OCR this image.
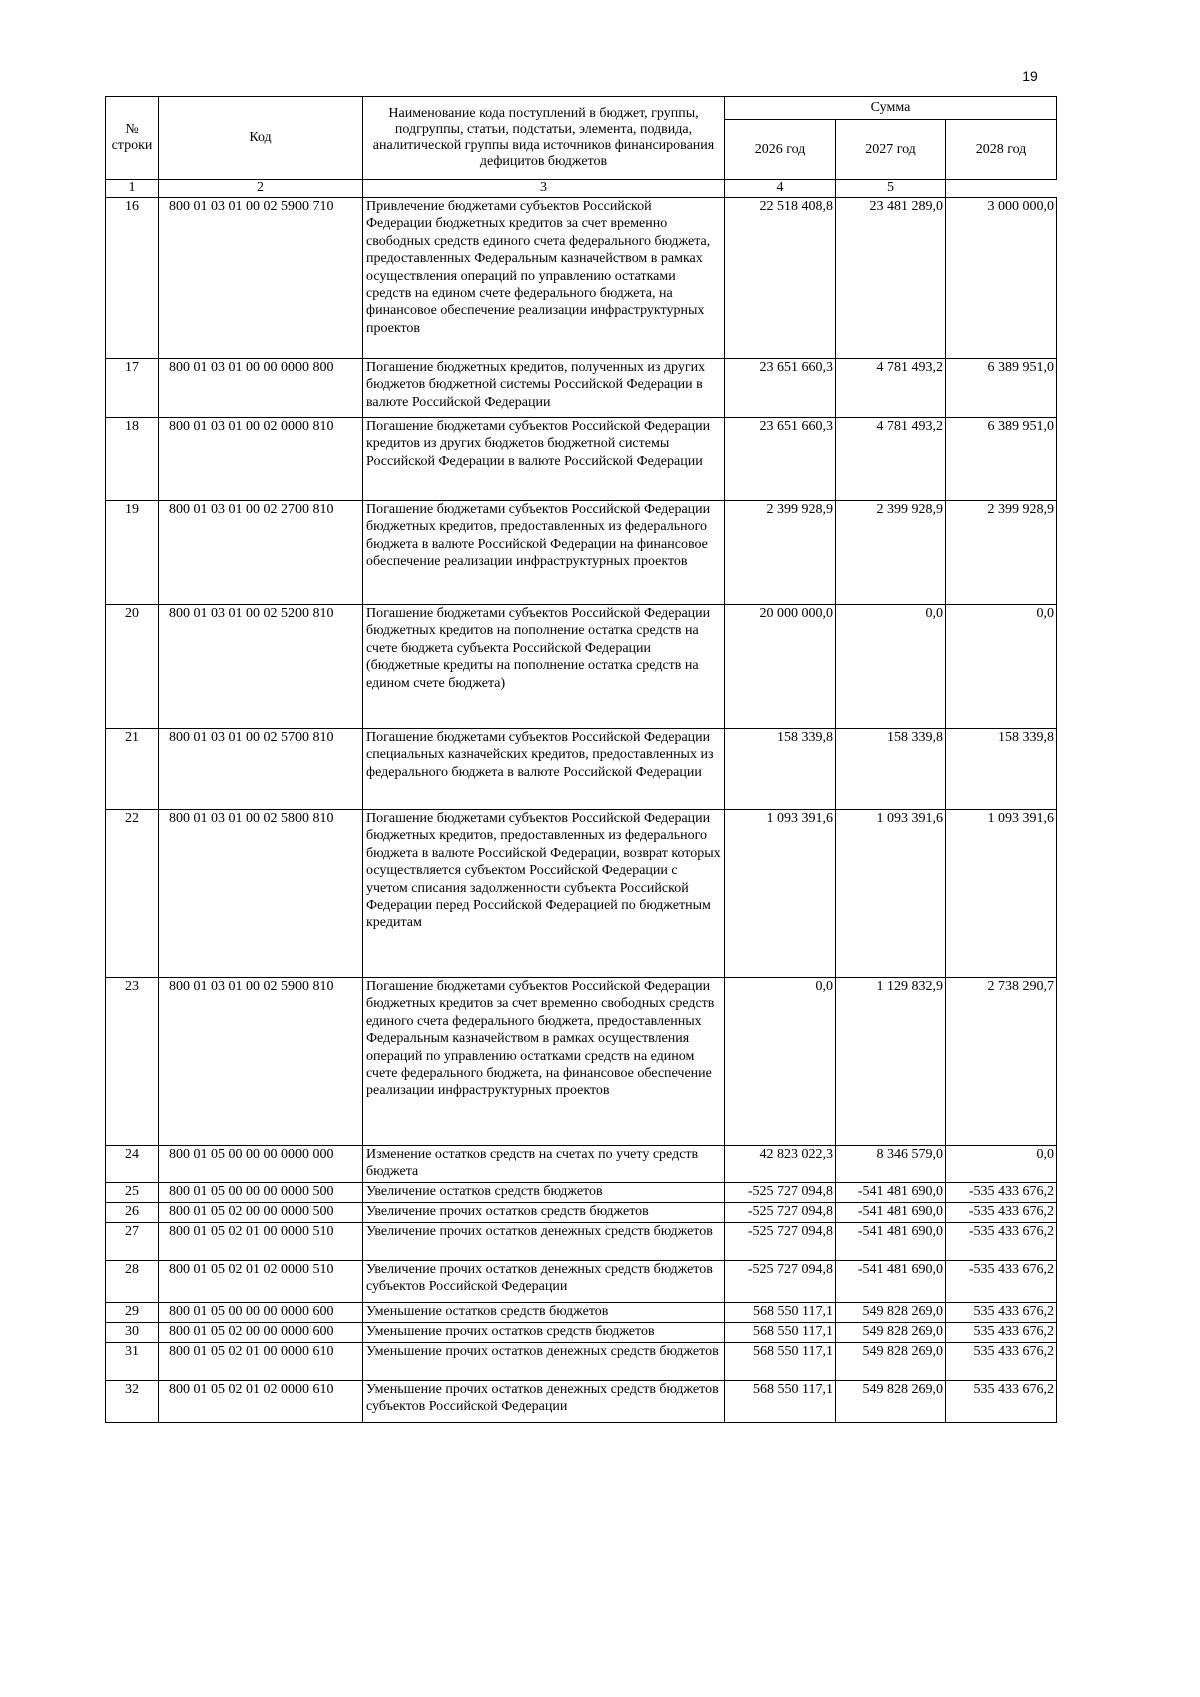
19
№ строки	Код	Наименование кода поступлений в бюджет, группы, подгруппы, статьи, подстатьи, элемента, подвида, аналитической группы вида источников финансирования дефицитов бюджетов	Сумма		
			2026 год	2027 год	2028 год
1	2	3	4	5	
16	800 01 03 01 00 02 5900 710	Привлечение бюджетами субъектов Российской Федерации бюджетных кредитов за счет временно свободных средств единого счета федерального бюджета, предоставленных Федеральным казначейством в рамках осуществления операций по управлению остатками средств на едином счете федерального бюджета, на финансовое обеспечение реализации инфраструктурных проектов	22 518 408,8	23 481 289,0	3 000 000,0
17	800 01 03 01 00 00 0000 800	Погашение бюджетных кредитов, полученных из других бюджетов бюджетной системы Российской Федерации в валюте Российской Федерации	23 651 660,3	4 781 493,2	6 389 951,0
18	800 01 03 01 00 02 0000 810	Погашение бюджетами субъектов Российской Федерации кредитов из других бюджетов бюджетной системы Российской Федерации в валюте Российской Федерации	23 651 660,3	4 781 493,2	6 389 951,0
19	800 01 03 01 00 02 2700 810	Погашение бюджетами субъектов Российской Федерации бюджетных кредитов, предоставленных из федерального бюджета в валюте Российской Федерации на финансовое обеспечение реализации инфраструктурных проектов	2 399 928,9	2 399 928,9	2 399 928,9
20	800 01 03 01 00 02 5200 810	Погашение бюджетами субъектов Российской Федерации бюджетных кредитов на пополнение остатка средств на счете бюджета субъекта Российской Федерации (бюджетные кредиты на пополнение остатка средств на едином счете бюджета)	20 000 000,0	0,0	0,0
21	800 01 03 01 00 02 5700 810	Погашение бюджетами субъектов Российской Федерации специальных казначейских кредитов, предоставленных из федерального бюджета в валюте Российской Федерации	158 339,8	158 339,8	158 339,8
22	800 01 03 01 00 02 5800 810	Погашение бюджетами субъектов Российской Федерации бюджетных кредитов, предоставленных из федерального бюджета в валюте Российской Федерации, возврат которых осуществляется субъектом Российской Федерации с учетом списания задолженности субъекта Российской Федерации перед Российской Федерацией по бюджетным кредитам	1 093 391,6	1 093 391,6	1 093 391,6
23	800 01 03 01 00 02 5900 810	Погашение бюджетами субъектов Российской Федерации бюджетных кредитов за счет временно свободных средств единого счета федерального бюджета, предоставленных Федеральным казначейством в рамках осуществления операций по управлению остатками средств на едином счете федерального бюджета, на финансовое обеспечение реализации инфраструктурных проектов	0,0	1 129 832,9	2 738 290,7
24	800 01 05 00 00 00 0000 000	Изменение остатков средств на счетах по учету средств бюджета	42 823 022,3	8 346 579,0	0,0
25	800 01 05 00 00 00 0000 500	Увеличение остатков средств бюджетов	-525 727 094,8	-541 481 690,0	-535 433 676,2
26	800 01 05 02 00 00 0000 500	Увеличение прочих остатков средств бюджетов	-525 727 094,8	-541 481 690,0	-535 433 676,2
27	800 01 05 02 01 00 0000 510	Увеличение прочих остатков денежных средств бюджетов	-525 727 094,8	-541 481 690,0	-535 433 676,2
28	800 01 05 02 01 02 0000 510	Увеличение прочих остатков денежных средств бюджетов субъектов Российской Федерации	-525 727 094,8	-541 481 690,0	-535 433 676,2
29	800 01 05 00 00 00 0000 600	Уменьшение остатков средств бюджетов	568 550 117,1	549 828 269,0	535 433 676,2
30	800 01 05 02 00 00 0000 600	Уменьшение прочих остатков средств бюджетов	568 550 117,1	549 828 269,0	535 433 676,2
31	800 01 05 02 01 00 0000 610	Уменьшение прочих остатков денежных средств бюджетов	568 550 117,1	549 828 269,0	535 433 676,2
32	800 01 05 02 01 02 0000 610	Уменьшение прочих остатков денежных средств бюджетов субъектов Российской Федерации	568 550 117,1	549 828 269,0	535 433 676,2
